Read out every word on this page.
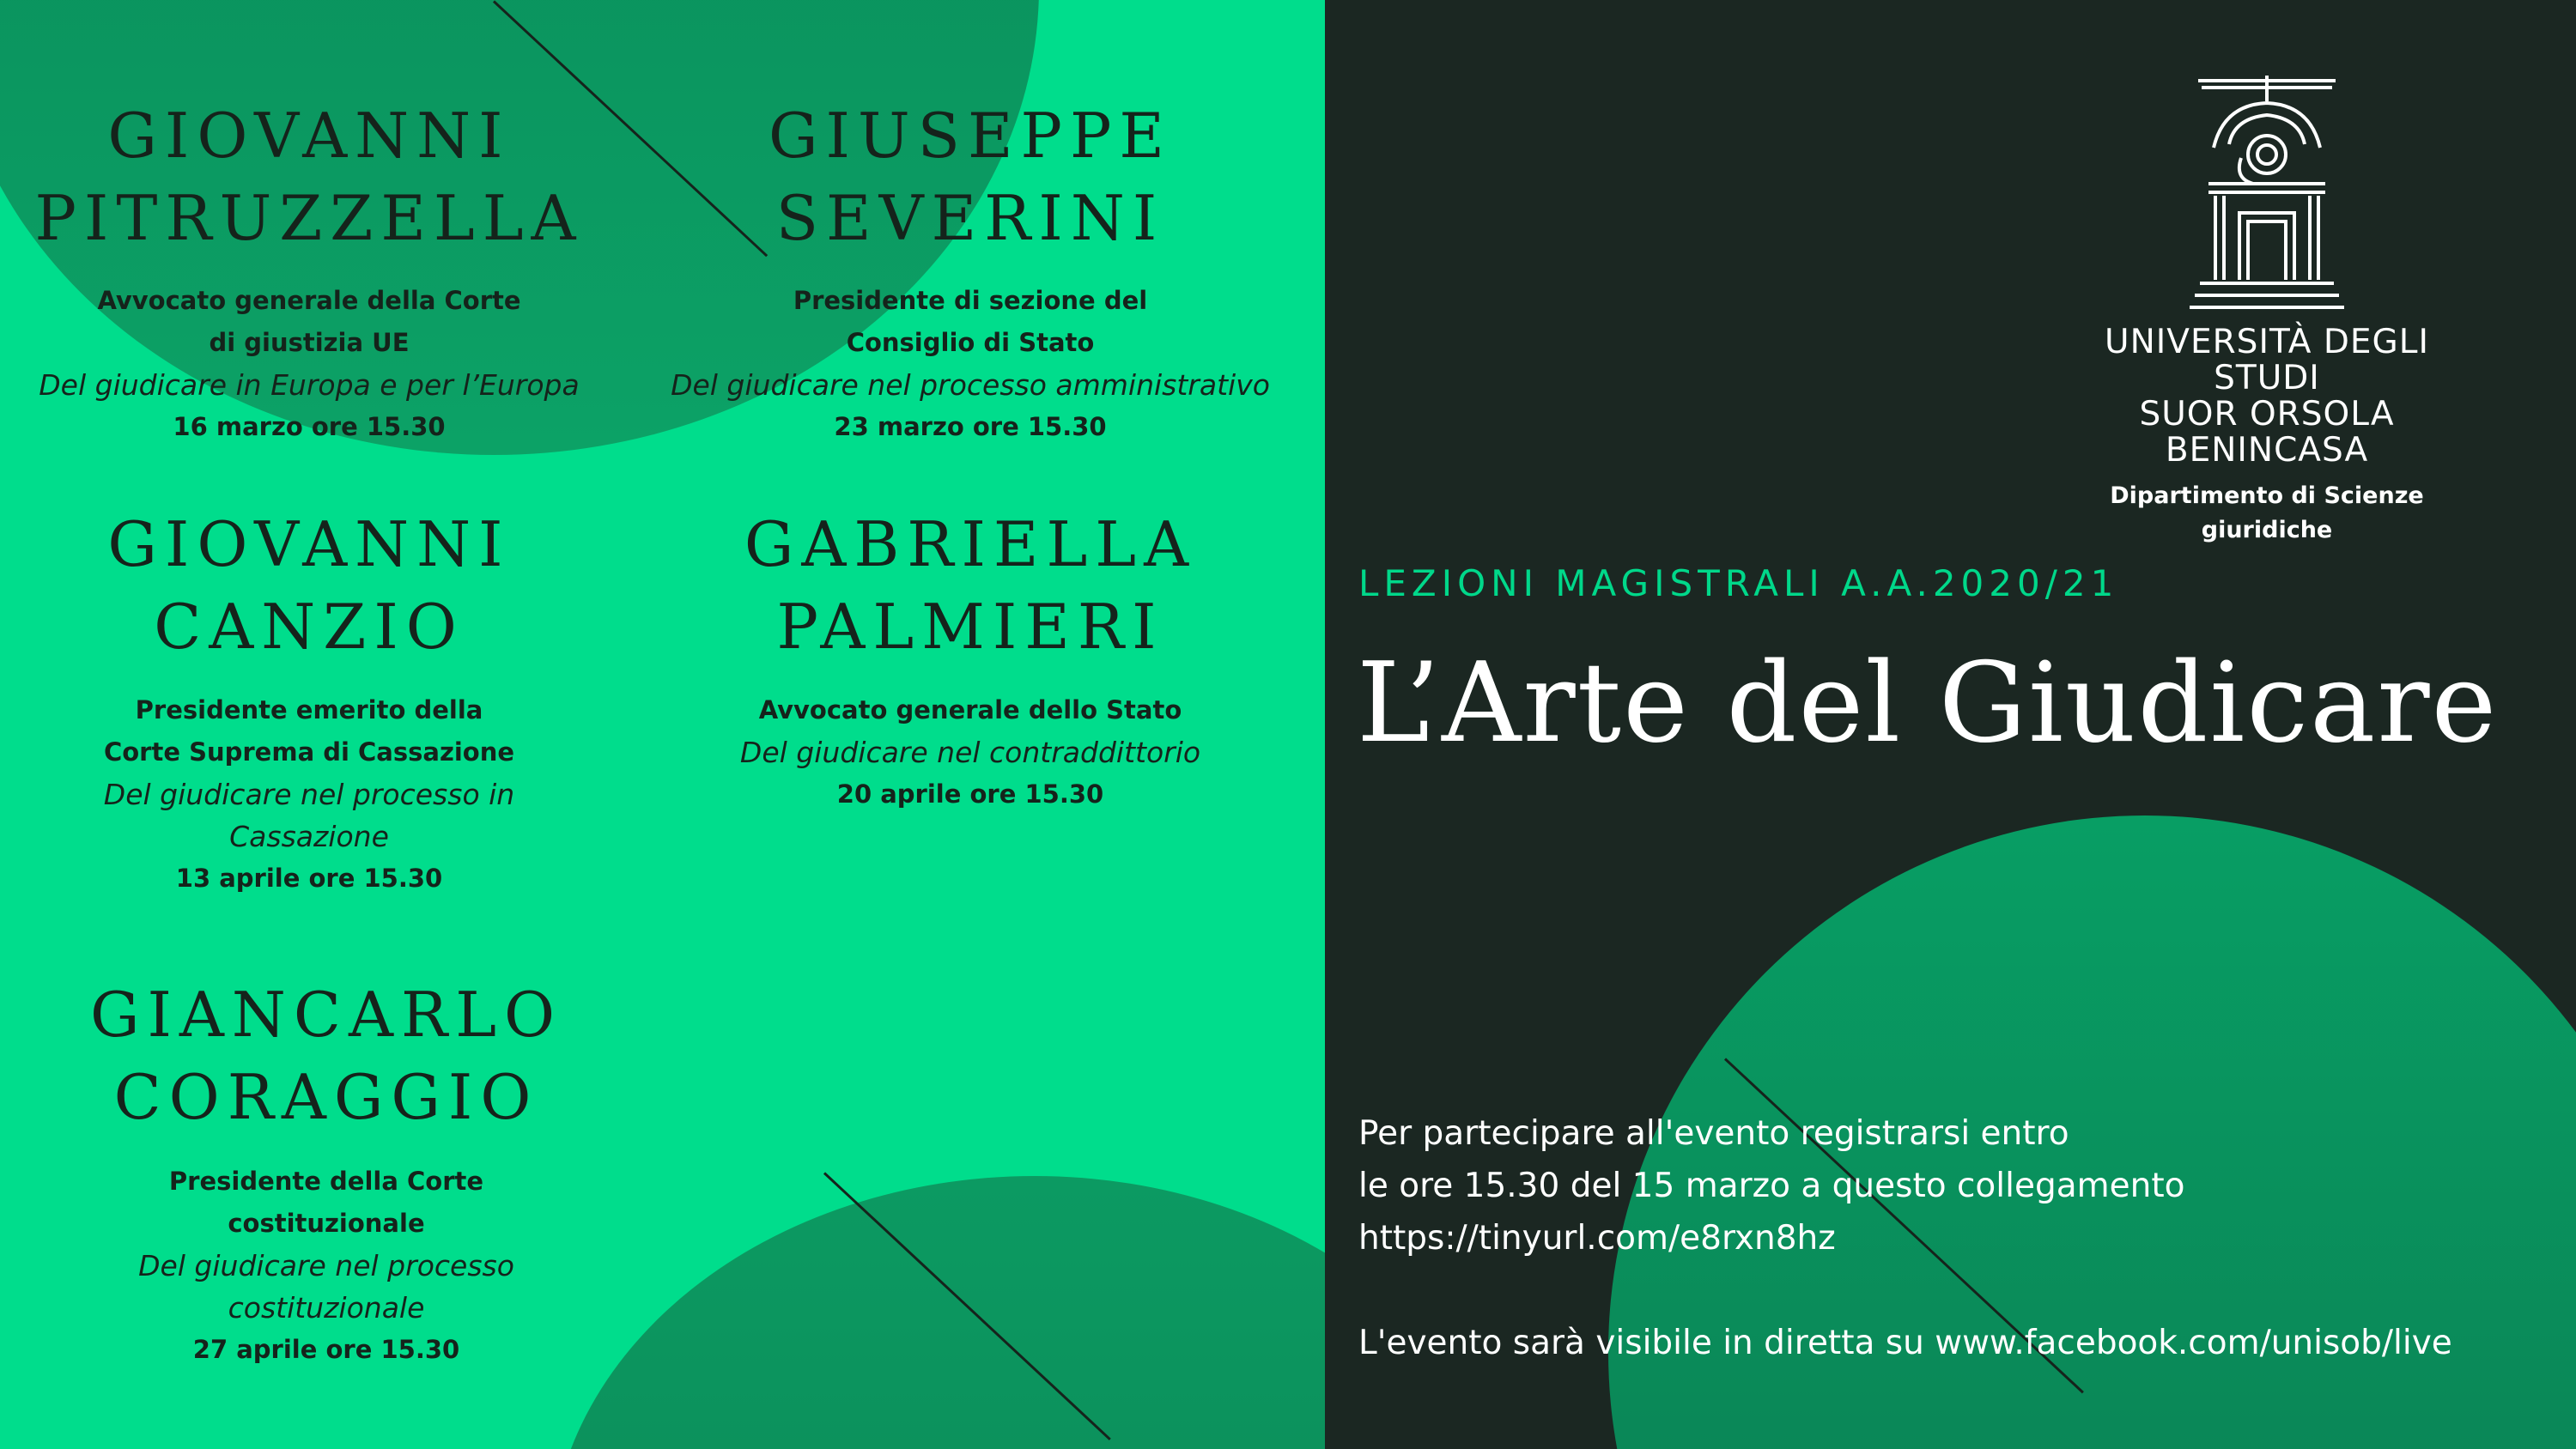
GIOVANNI
PITRUZZELLA
Avvocato generale della Corte
di giustizia UE
Del giudicare in Europa e per l’Europa
16 marzo ore 15.30
GIUSEPPE
SEVERINI
Presidente di sezione del
Consiglio di Stato
Del giudicare nel processo amministrativo
23 marzo ore 15.30
GIOVANNI
CANZIO
Presidente emerito della
Corte Suprema di Cassazione
Del giudicare nel processo in
Cassazione
13 aprile ore 15.30
GABRIELLA
PALMIERI
Avvocato generale dello Stato
Del giudicare nel contraddittorio
20 aprile ore 15.30
GIANCARLO
CORAGGIO
Presidente della Corte
costituzionale
Del giudicare nel processo
costituzionale
27 aprile ore 15.30
UNIVERSITÀ DEGLI STUDI
SUOR ORSOLA
BENINCASA
Dipartimento di Scienze giuridiche
LEZIONI MAGISTRALI A.A.2020/21
L’Arte del Giudicare
Per partecipare all'evento registrarsi entro
le ore 15.30 del 15 marzo a questo collegamento
https://tinyurl.com/e8rxn8hz
L'evento sarà visibile in diretta su www.facebook.com/unisob/live
